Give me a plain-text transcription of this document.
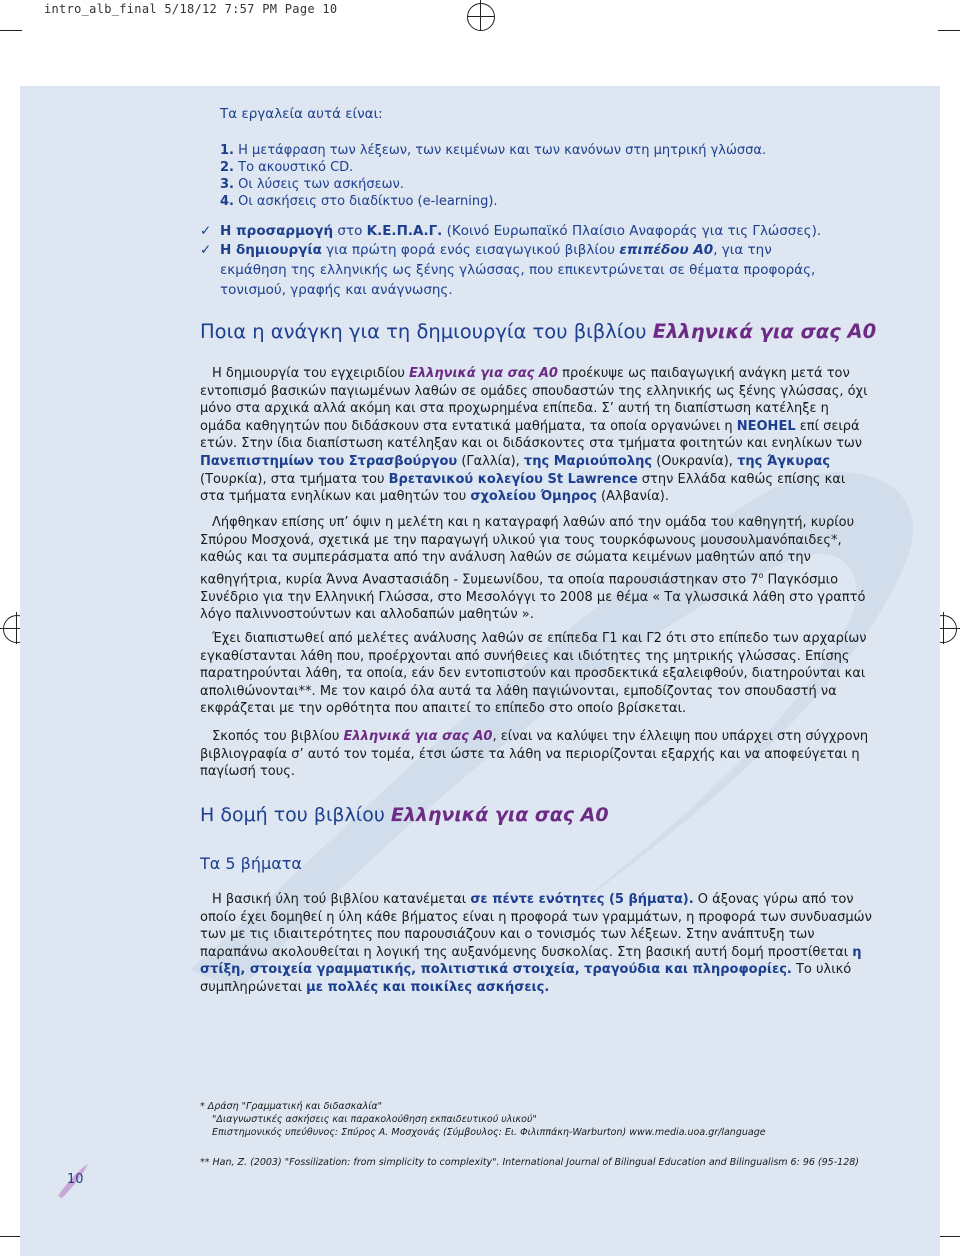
intro_alb_final 5/18/12 7:57 PM Page 10
Τα εργαλεία αυτά είναι:
1. Η μετάφραση των λέξεων, των κειμένων και των κανόνων στη μητρική γλώσσα.
2. Το ακουστικό CD.
3. Οι λύσεις των ασκήσεων.
4. Οι ασκήσεις στο διαδίκτυο (e-learning).
✓ Η προσαρμογή στο Κ.Ε.Π.Α.Γ. (Κοινό Ευρωπαϊκό Πλαίσιο Αναφοράς για τις Γλώσσες).
✓ Η δημιουργία για πρώτη φορά ενός εισαγωγικού βιβλίου επιπέδου Α0, για την εκμάθηση της ελληνικής ως ξένης γλώσσας, που επικεντρώνεται σε θέματα προφοράς, τονισμού, γραφής και ανάγνωσης.
Ποια η ανάγκη για τη δημιουργία του βιβλίου Ελληνικά για σας Α0

Η δημιουργία του εγχειριδίου Ελληνικά για σας Α0 προέκυψε ως παιδαγωγική ανάγκη μετά τον εντοπισμό βασικών παγιωμένων λαθών σε ομάδες σπουδαστών της ελληνικής ως ξένης γλώσσας, όχι μόνο στα αρχικά αλλά ακόμη και στα προχωρημένα επίπεδα. Σ’ αυτή τη διαπίστωση κατέληξε η ομάδα καθηγητών που διδάσκουν στα εντατικά μαθήματα, τα οποία οργανώνει η ΝΕΟΗΕL επί σειρά ετών. Στην ίδια διαπίστωση κατέληξαν και οι διδάσκοντες στα τμήματα φοιτητών και ενηλίκων των Πανεπιστημίων του Στρασβούργου (Γαλλία), της Μαριούπολης (Ουκρανία), της Άγκυρας (Τουρκία), στα τμήματα του Βρετανικού κολεγίου St Lawrence στην Ελλάδα καθώς επίσης και στα τμήματα ενηλίκων και μαθητών του σχολείου Όμηρος (Αλβανία).

Λήφθηκαν επίσης υπ’ όψιν η μελέτη και η καταγραφή λαθών από την ομάδα του καθηγητή, κυρίου Σπύρου Μοσχονά, σχετικά με την παραγωγή υλικού για τους τουρκόφωνους μουσουλμανόπαιδες*, καθώς και τα συμπεράσματα από την ανάλυση λαθών σε σώματα κειμένων μαθητών από την καθηγήτρια, κυρία Άννα Αναστασιάδη - Συμεωνίδου, τα οποία παρουσιάστηκαν στο $7^o$ Παγκόσμιο Συνέδριο για την Ελληνική Γλώσσα, στο Μεσολόγγι το 2008 με θέμα « Τα γλωσσικά λάθη στο γραπτό λόγο παλιννοστούντων και αλλοδαπών μαθητών ».

Έχει διαπιστωθεί από μελέτες ανάλυσης λαθών σε επίπεδα Γ1 και Γ2 ότι στο επίπεδο των αρχαρίων εγκαθίστανται λάθη που, προέρχονται από συνήθειες και ιδιότητες της μητρικής γλώσσας. Επίσης παρατηρούνται λάθη, τα οποία, εάν δεν εντοπιστούν και προσδεκτικά εξαλειφθούν, διατηρούνται και απολιθώνονται**. Με τον καιρό όλα αυτά τα λάθη παγιώνονται, εμποδίζοντας τον σπουδαστή να εκφράζεται με την ορθότητα που απαιτεί το επίπεδο στο οποίο βρίσκεται.

Σκοπός του βιβλίου Ελληνικά για σας Α0, είναι να καλύψει την έλλειψη που υπάρχει στη σύγχρονη βιβλιογραφία σ’ αυτό τον τομέα, έτσι ώστε τα λάθη να περιορίζονται εξαρχής και να αποφεύγεται η παγίωσή τους.

Η δομή του βιβλίου Ελληνικά για σας Α0
Τα 5 βήματα

Η βασική ύλη τού βιβλίου κατανέμεται σε πέντε ενότητες (5 βήματα). Ο άξονας γύρω από τον οποίο έχει δομηθεί η ύλη κάθε βήματος είναι η προφορά των γραμμάτων, η προφορά των συνδυασμών των με τις ιδιαιτερότητες που παρουσιάζουν και ο τονισμός των λέξεων. Στην ανάπτυξη των παραπάνω ακολουθείται η λογική της αυξανόμενης δυσκολίας. Στη βασική αυτή δομή προστίθεται η στίξη, στοιχεία γραμματικής, πολιτιστικά στοιχεία, τραγούδια και πληροφορίες. Το υλικό συμπληρώνεται με πολλές και ποικίλες ασκήσεις.

* Δράση "Γραμματική και διδασκαλία"
"Διαγνωστικές ασκήσεις και παρακολούθηση εκπαιδευτικού υλικού"
Επιστημονικός υπεύθυνος: Σπύρος Α. Μοσχονάς (Σύμβουλος: Ει. Φιλιππάκη-Warburton) www.media.uoa.gr/language
** Han, Z. (2003) "Fossilization: from simplicity to complexity". International Journal of Bilingual Education and Bilingualism 6: 96 (95-128)
10
